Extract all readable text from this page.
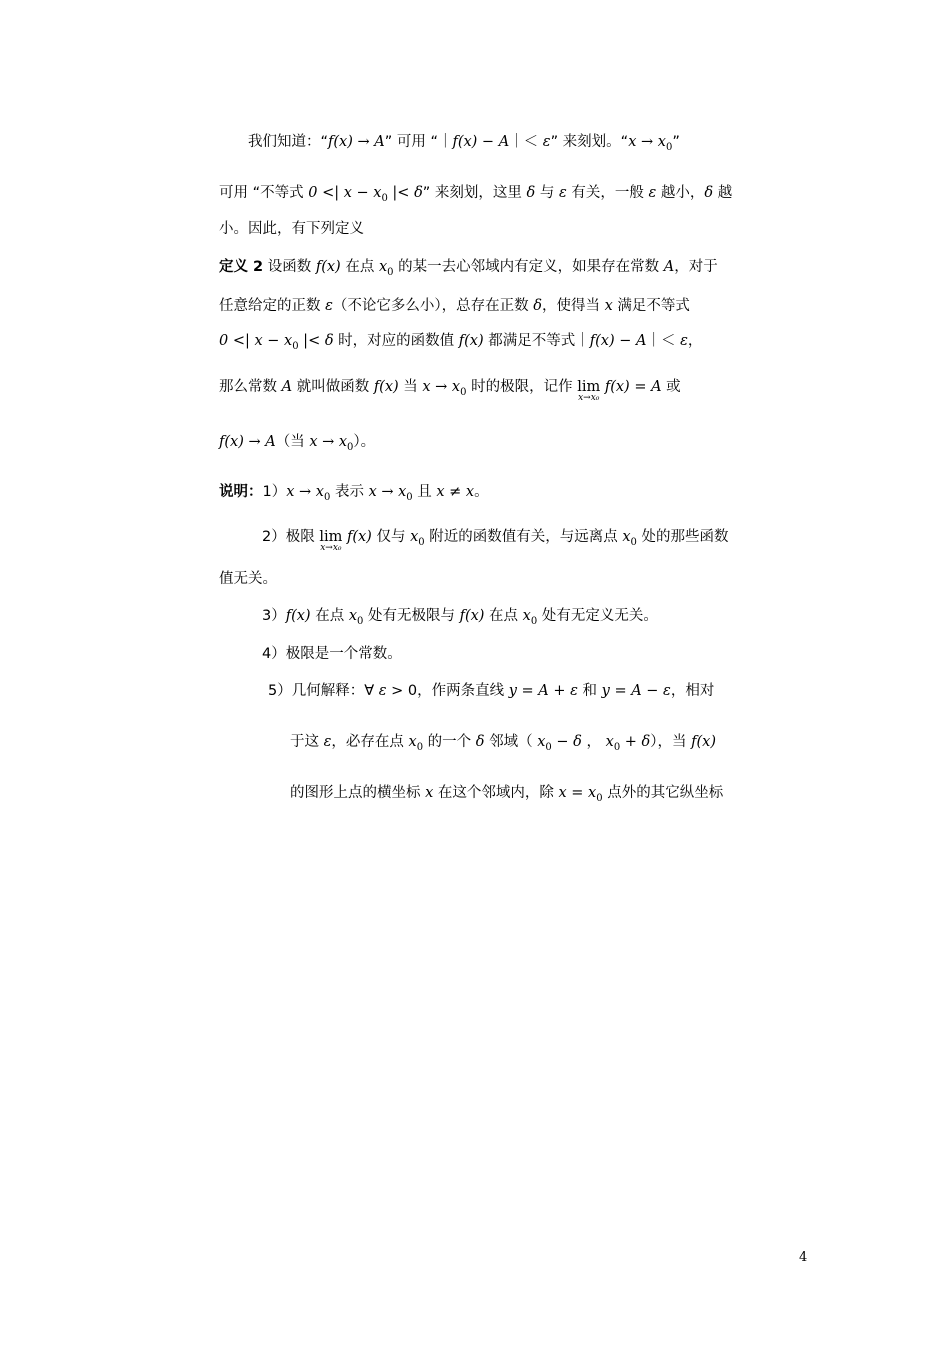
我们知道：“f(x) → A” 可用 “｜f(x) − A｜＜ ε” 来刻划。“$x \to x_0$”
可用 “不等式 0 <| $x - x_0$ |< δ” 来刻划，这里 δ 与 ε 有关，一般 ε 越小，δ 越
小。因此，有下列定义
定义 2 设函数 f(x) 在点 $x_0$ 的某一去心邻域内有定义，如果存在常数 A，对于
任意给定的正数 ε（不论它多么小），总存在正数 δ，使得当 x 满足不等式
0 <| $x - x_0$ |< δ 时，对应的函数值 f(x) 都满足不等式｜f(x) − A｜＜ ε，
那么常数 A 就叫做函数 f(x) 当 $x \to x_0$ 时的极限，记作 lim
x→x₀
f(x) = A 或
f(x) → A（当 $x \to x_0$）。
说明：$1)x \to x_0$ 表示 $x \to x_0$ 且 x ≠ x。
2）极限 lim
x→x₀
f(x) 仅与 $x_0$ 附近的函数值有关，与远离点 $x_0$ 处的那些函数
值无关。
3）f(x) 在点 $x_0$ 处有无极限与 f(x) 在点 $x_0$ 处有无定义无关。
4）极限是一个常数。
5）几何解释：∀ ε > 0，作两条直线 y = A + ε 和 y = A − ε，相对
于这 ε，必存在点 $x_0$ 的一个 δ 邻域（ $x_0 - \delta$ ， $x_0 + \delta$），当 f(x)
的图形上点的横坐标 x 在这个邻域内，除 $x = x_0$ 点外的其它纵坐标
4
